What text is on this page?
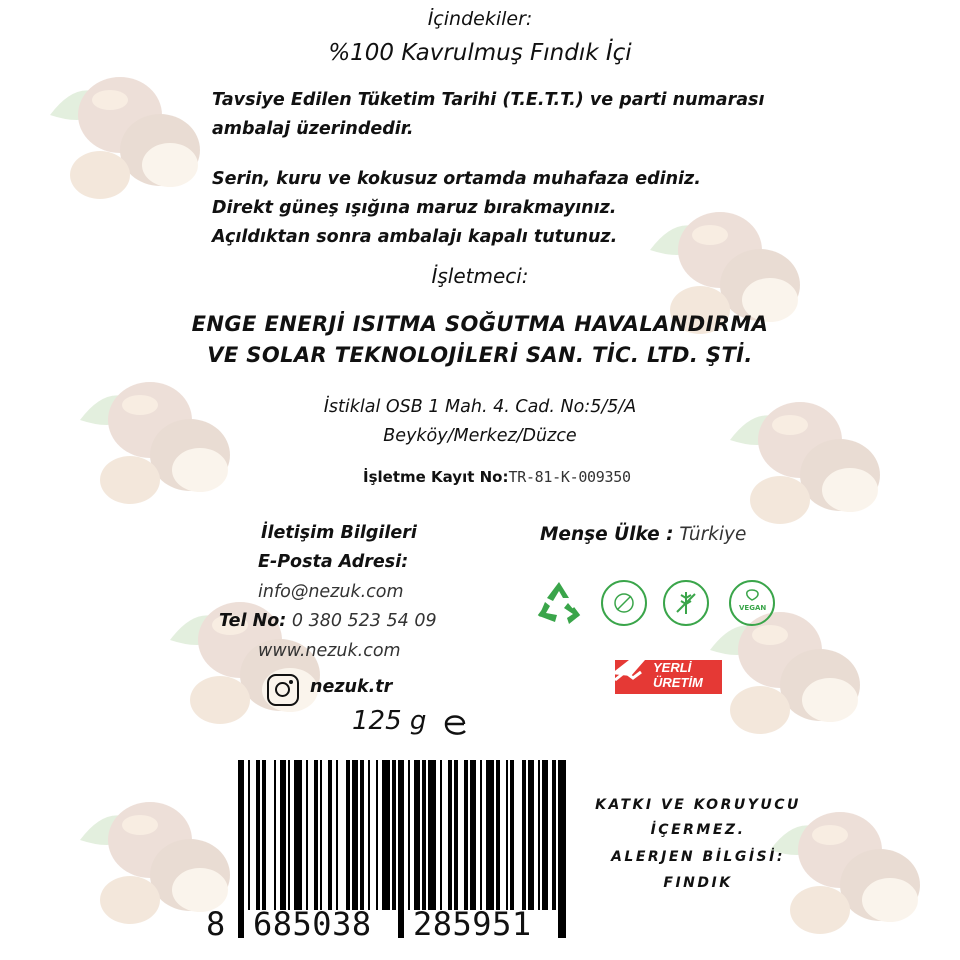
İçindekiler:
%100 Kavrulmuş Fındık İçi
Tavsiye Edilen Tüketim Tarihi (T.E.T.T.) ve parti numarası
ambalaj üzerindedir.
Serin, kuru ve kokusuz ortamda muhafaza ediniz.
Direkt güneş ışığına maruz bırakmayınız.
Açıldıktan sonra ambalajı kapalı tutunuz.
İşletmeci:
ENGE ENERJİ ISITMA SOĞUTMA HAVALANDIRMA
VE SOLAR TEKNOLOJİLERİ SAN. TİC. LTD. ŞTİ.
İstiklal OSB 1 Mah. 4. Cad. No:5/5/A
Beyköy/Merkez/Düzce
İşletme Kayıt No:TR-81-K-009350
İletişim Bilgileri
E-Posta Adresi:
info@nezuk.com
Tel No: 0 380 523 54 09
www.nezuk.com
nezuk.tr
125 g
Menşe Ülke : Türkiye
VEGAN
YERLİ
ÜRETİM
8 685038 285951
KATKI VE KORUYUCU
İÇERMEZ.
ALERJEN BİLGİSİ:
FINDIK
